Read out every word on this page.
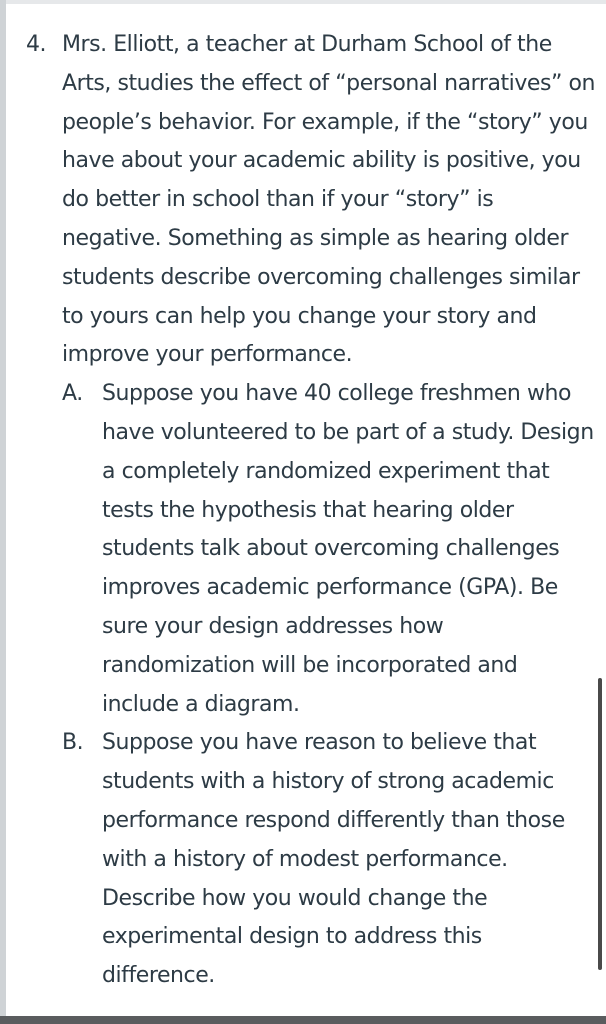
4. Mrs. Elliott, a teacher at Durham School of the Arts, studies the effect of “personal narratives” on people’s behavior. For example, if the “story” you have about your academic ability is positive, you do better in school than if your “story” is negative. Something as simple as hearing older students describe overcoming challenges similar to yours can help you change your story and improve your performance.
A. Suppose you have 40 college freshmen who have volunteered to be part of a study. Design a completely randomized experiment that tests the hypothesis that hearing older students talk about overcoming challenges improves academic performance (GPA). Be sure your design addresses how randomization will be incorporated and include a diagram.
B. Suppose you have reason to believe that students with a history of strong academic performance respond differently than those with a history of modest performance. Describe how you would change the experimental design to address this difference.
